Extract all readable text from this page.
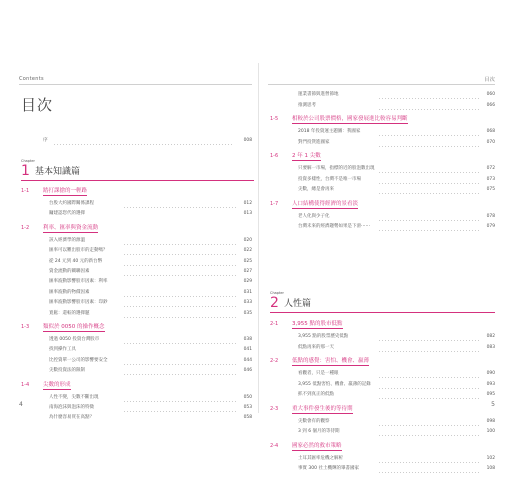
Contents
目次
序	008
Chapter
1 基本知識篇
1-1	踏打課搶的一輕路
台股大約國際關係課程	012
鏞建認您代的選擇	013
1-2	利率、匯率與資金流動
該入經濟學的源溫	020
匯率可以難出股市的走動嗎？	022
從 24 元到 40 元的新台幣	025
資金流動的關聯因素	027
匯率波動影響股市因素：利率	029
匯率波動的物價因素	031
匯率波動影響股市因素：印鈔	033
寬鬆：還較的選擇題	035
1-3	類似於 0050 的操作概念
透過 0050 投資台灣股市	038
找到操作工具	041
比控資單一公司的影響要安全	044
尖數投資法的限制	046
1-4	尖數的形成
人性不變，尖數不斷出現	050
南海泡沫與泡沫的特徵	053
為什麼容易買在高點？	058
4
目次
運業書節與進營節地	060
推測思考	066
1-5	相較於公司股票價格，國家發展進比較容易判斷
2018 年投資運主題圖：我國家	068
對門投貨進國家	070
1-6	2 年 1 尖數
只要解一市場，指標的近的股泡數出現	072
投資多樣性，台灣不是唯一市場	073
尖數，總是會再來	075
1-7	人口結構使得經濟的景看淡
老人化與少子化	078
台灣未來的經濟趨勢如果是下滑⋯⋯	079
Chapter
2 人性篇
2-1	3,955 點的股市低點
3,955 點的股票歷史低點	082
低點再來的那一天	083
2-2	低點的感覺：害怕、機會、羸薄
看觀者，只是一種眼	090
3,955 低點害怕、機會、羸薄的記錄	093
抓不到真正的低點	095
2-3	重大事件發生後的等待期
尖數會有的觀察	098
3 到 6 個月的等待期	100
2-4	國家必然的救市策略
土耳其匯率危機之解析	102
事實 300 社土機輝的畢書國家	108
5
